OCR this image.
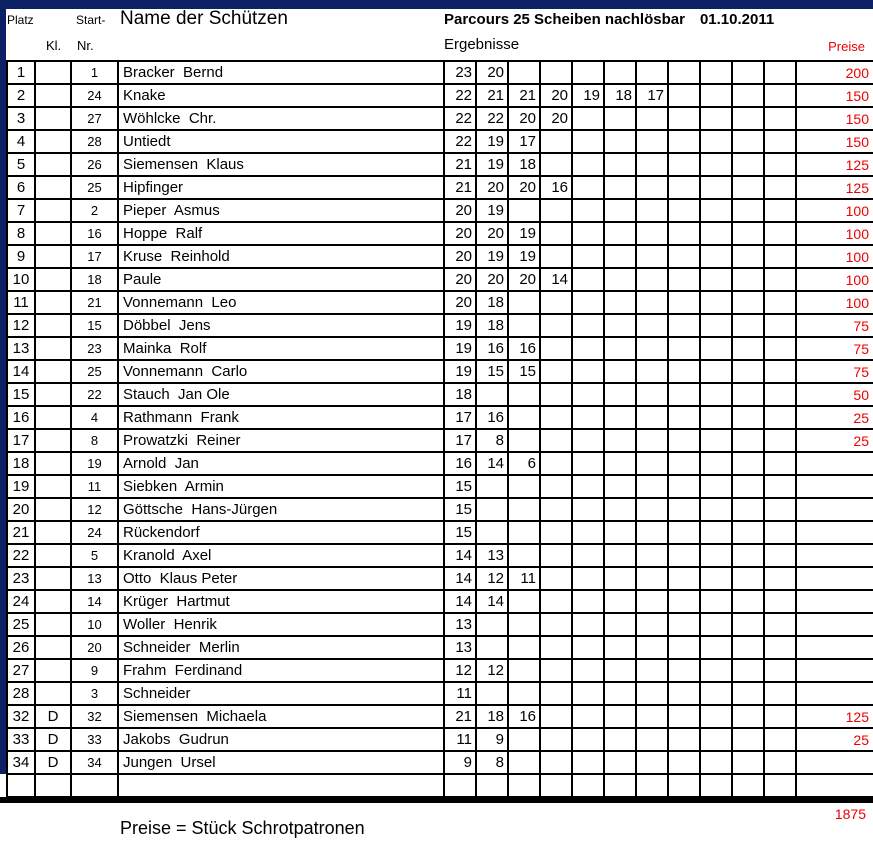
Platz	Start-
Kl. Nr.
Name der Schützen	Parcours 25 Scheiben nachlösbar 01.10.2011
Ergebnisse	Preise
1		1	Bracker  Bernd	23	20										200
2		24	Knake	22	21	21	20	19	18	17					150
3		27	Wöhlcke  Chr.	22	22	20	20								150
4		28	Untiedt	22	19	17									150
5		26	Siemensen  Klaus	21	19	18									125
6		25	Hipfinger	21	20	20	16								125
7		2	Pieper  Asmus	20	19										100
8		16	Hoppe  Ralf	20	20	19									100
9		17	Kruse  Reinhold	20	19	19									100
10		18	Paule	20	20	20	14								100
11		21	Vonnemann  Leo	20	18										100
12		15	Döbbel  Jens	19	18										75
13		23	Mainka  Rolf	19	16	16									75
14		25	Vonnemann  Carlo	19	15	15									75
15		22	Stauch  Jan Ole	18											50
16		4	Rathmann  Frank	17	16										25
17		8	Prowatzki  Reiner	17	8										25
18		19	Arnold  Jan	16	14	6									
19		11	Siebken  Armin	15											
20		12	Göttsche  Hans-Jürgen	15											
21		24	Rückendorf	15											
22		5	Kranold  Axel	14	13										
23		13	Otto  Klaus Peter	14	12	11									
24		14	Krüger  Hartmut	14	14										
25		10	Woller  Henrik	13											
26		20	Schneider  Merlin	13											
27		9	Frahm  Ferdinand	12	12										
28		3	Schneider	11											
32	D	32	Siemensen  Michaela	21	18	16									125
33	D	33	Jakobs  Gudrun	11	9										25
34	D	34	Jungen  Ursel	9	8										

1875
Preise = Stück Schrotpatronen
